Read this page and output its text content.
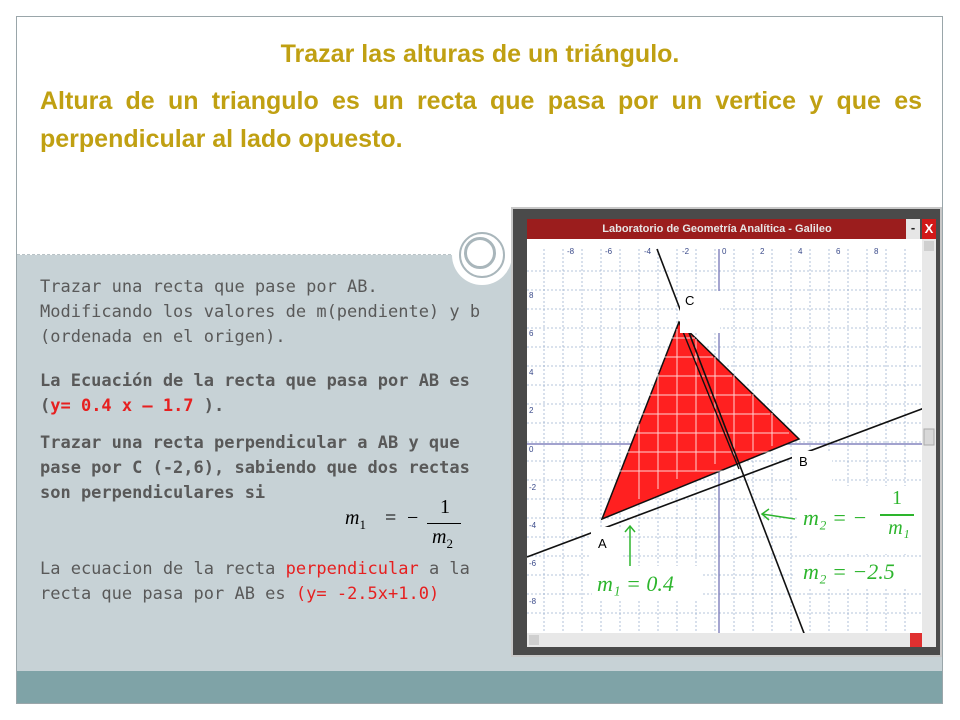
Trazar las alturas de un triángulo.
Altura de un triangulo es un recta que pasa por un vertice y que es perpendicular al lado opuesto.
Trazar una recta que pase por AB. Modificando los valores de m(pendiente) y b (ordenada en el origen).
La Ecuación de la recta que pasa por AB es (y= 0.4 x – 1.7 ).
Trazar una recta perpendicular a AB y que pase por C (-2,6), sabiendo que dos rectas son perpendiculares si
$m_1$ = − 1
$m_2$
La ecuacion de la recta perpendicular a la recta que pasa por AB es (y= -2.5x+1.0)
Laboratorio de Geometría Analítica - Galileo	- X
-8	-6	-4	-2	0	2	4	6	8
8
6
4
2
0
-2
-4
-6
-8
C
B
A
m₁ = 0.4
m₂ = −
1
m₁
m₂ = −2.5
